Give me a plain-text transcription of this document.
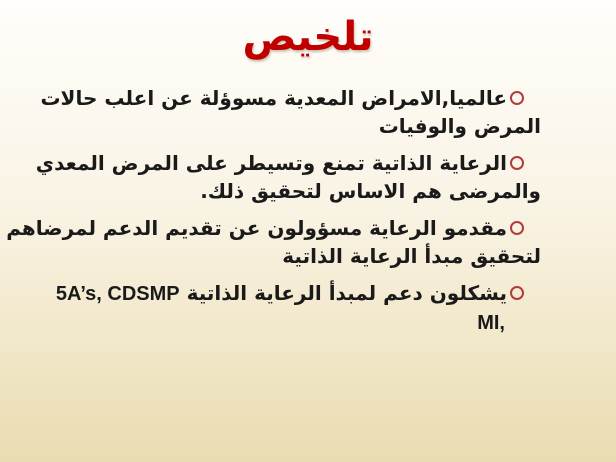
تلخيص
عالميا,الامراض المعدية مسوؤلة عن اعلب حالات
المرض والوفيات
الرعاية الذاتية تمنع وتسيطر على المرض المعدي
والمرضى هم الاساس لتحقيق ذلك.
مقدمو الرعاية مسؤولون عن تقديم الدعم لمرضاهم
لتحقيق مبدأ الرعاية الذاتية
يشكلون دعم لمبدأ الرعاية الذاتية 5A’s, CDSMP
MI,
